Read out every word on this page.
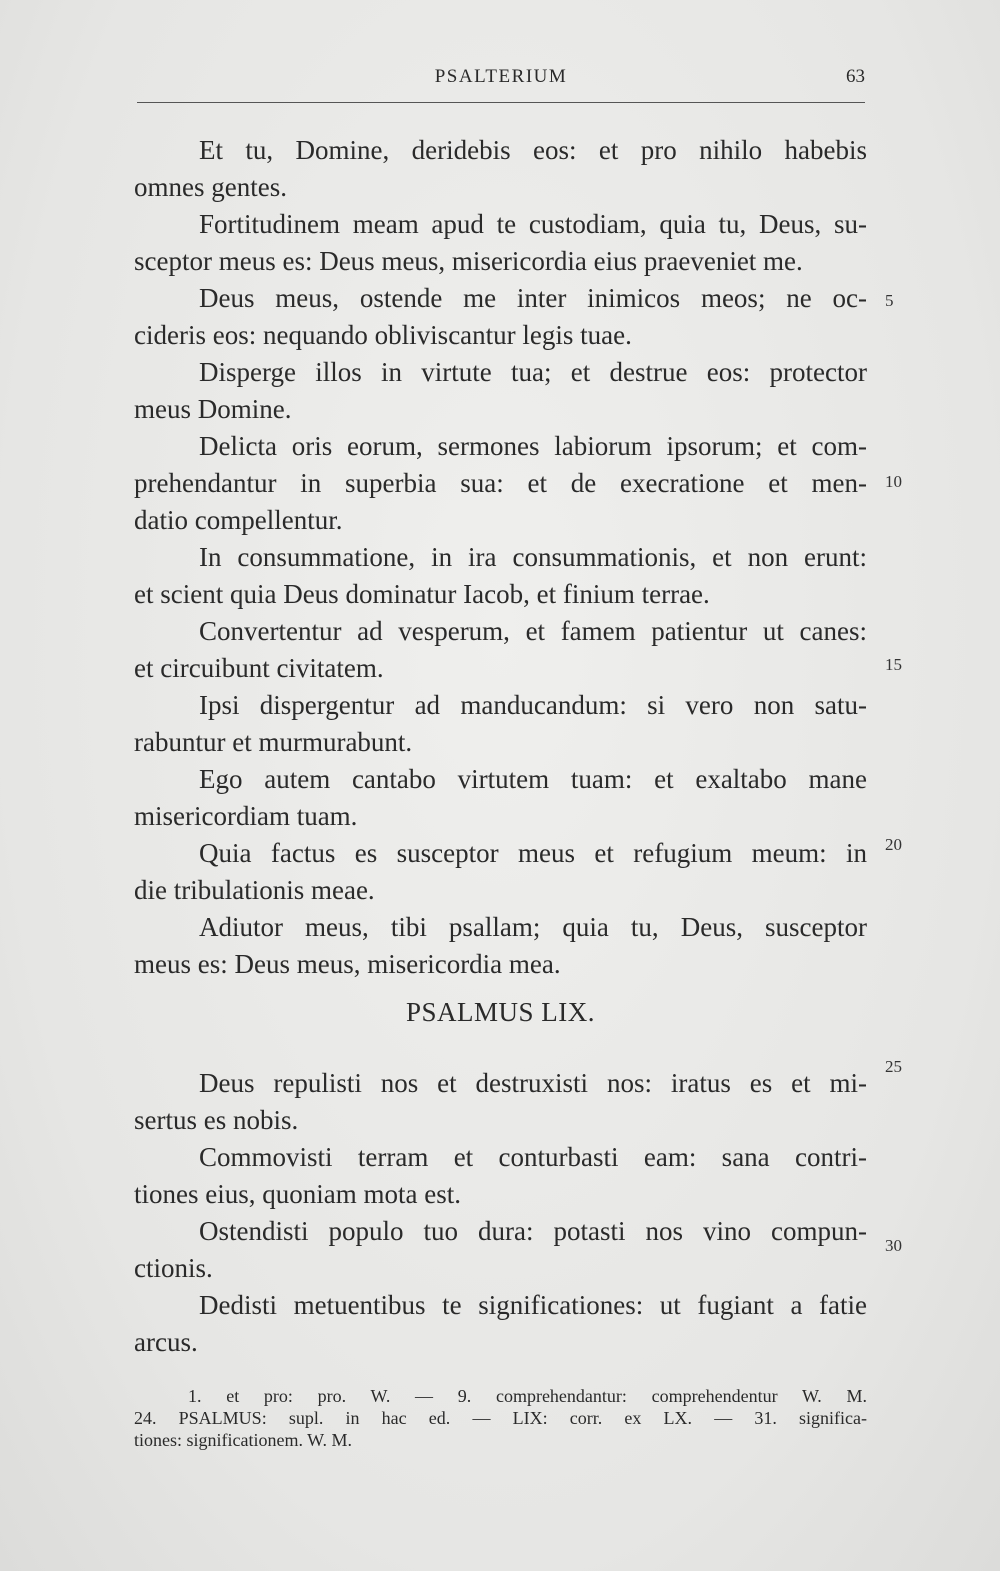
PSALTERIUM	63
Et tu, Domine, deridebis eos: et pro nihilo habebis
omnes gentes.
Fortitudinem meam apud te custodiam, quia tu, Deus, su-
sceptor meus es: Deus meus, misericordia eius praeveniet me.
Deus meus, ostende me inter inimicos meos; ne oc-
cideris eos: nequando obliviscantur legis tuae.
Disperge illos in virtute tua; et destrue eos: protector
meus Domine.
Delicta oris eorum, sermones labiorum ipsorum; et com-
prehendantur in superbia sua: et de execratione et men-
datio compellentur.
In consummatione, in ira consummationis, et non erunt:
et scient quia Deus dominatur Iacob, et finium terrae.
Convertentur ad vesperum, et famem patientur ut canes:
et circuibunt civitatem.
Ipsi dispergentur ad manducandum: si vero non satu-
rabuntur et murmurabunt.
Ego autem cantabo virtutem tuam: et exaltabo mane
misericordiam tuam.
Quia factus es susceptor meus et refugium meum: in
die tribulationis meae.
Adiutor meus, tibi psallam; quia tu, Deus, susceptor
meus es: Deus meus, misericordia mea.
PSALMUS LIX.
Deus repulisti nos et destruxisti nos: iratus es et mi-
sertus es nobis.
Commovisti terram et conturbasti eam: sana contri-
tiones eius, quoniam mota est.
Ostendisti populo tuo dura: potasti nos vino compun-
ctionis.
Dedisti metuentibus te significationes: ut fugiant a fatie
arcus.
5
10
15
20
25
30
1. et pro: pro. W. — 9. comprehendantur: comprehendentur W. M.
24. PSALMUS: supl. in hac ed. — LIX: corr. ex LX. — 31. significa-
tiones: significationem. W. M.
